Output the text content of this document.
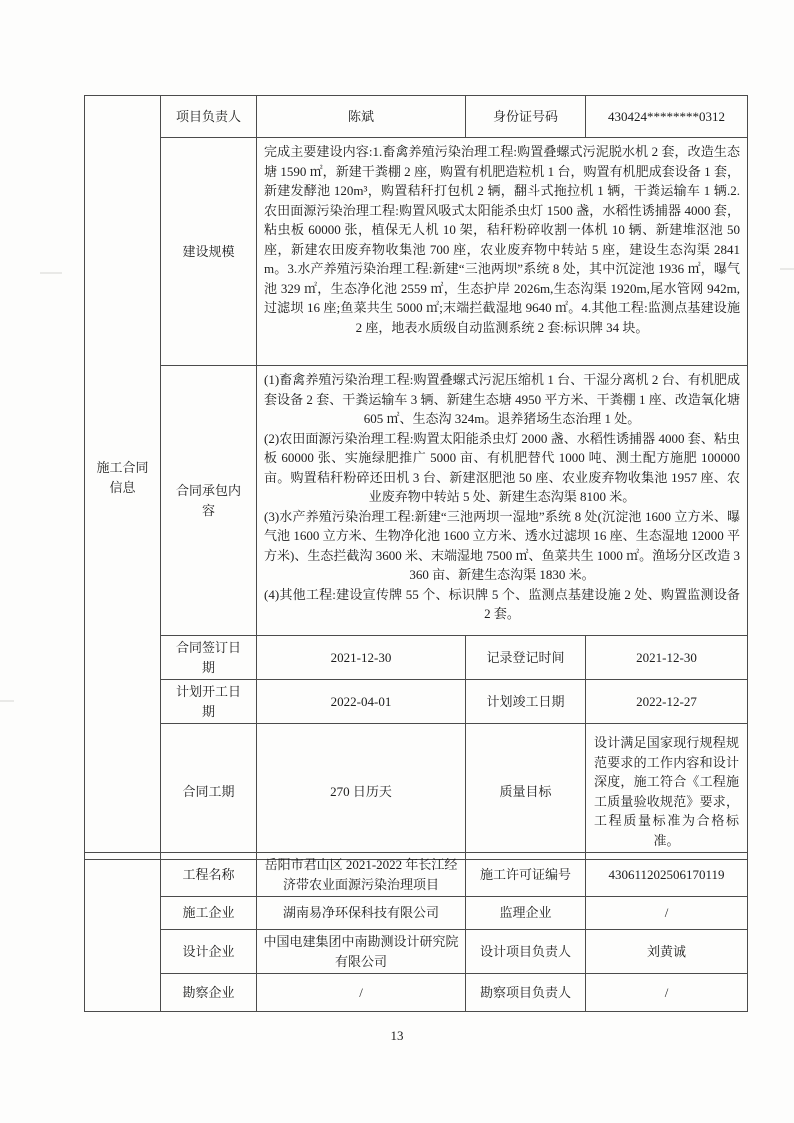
施工合同信息	项目负责人	陈斌	身份证号码	430424********0312
	建设规模	完成主要建设内容:1.畜禽养殖污染治理工程:购置叠螺式污泥脱水机 2 套，改造生态塘 1590 ㎡，新建干粪棚 2 座，购置有机肥造粒机 1 台，购置有机肥成套设备 1 套，新建发酵池 120m³，购置秸秆打包机 2 辆，翻斗式拖拉机 1 辆，干粪运输车 1 辆.2.农田面源污染治理工程:购置风吸式太阳能杀虫灯 1500 盏，水稻性诱捕器 4000 套，粘虫板 60000 张，植保无人机 10 架，秸秆粉碎收割一体机 10 辆、新建堆沤池 50 座，新建农田废弃物收集池 700 座，农业废弃物中转站 5 座，建设生态沟渠 2841m。3.水产养殖污染治理工程:新建“三池两坝”系统 8 处，其中沉淀池 1936 ㎡，曝气池 329 ㎡，生态净化池 2559 ㎡，生态护岸 2026m,生态沟渠 1920m,尾水管网 942m,过滤坝 16 座;鱼菜共生 5000 ㎡;末端拦截湿地 9640 ㎡。4.其他工程:监测点基建设施 2 座，地表水质级自动监测系统 2 套:标识牌 34 块。		
	合同承包内容	(1)畜禽养殖污染治理工程:购置叠螺式污泥压缩机 1 台、干湿分离机 2 台、有机肥成套设备 2 套、干粪运输车 3 辆、新建生态塘 4950 平方米、干粪棚 1 座、改造氧化塘 605 ㎡、生态沟 324m。退养猪场生态治理 1 处。

(2)农田面源污染治理工程:购置太阳能杀虫灯 2000 盏、水稻性诱捕器 4000 套、粘虫板 60000 张、实施绿肥推广 5000 亩、有机肥替代 1000 吨、测土配方施肥 100000 亩。购置秸秆粉碎还田机 3 台、新建沤肥池 50 座、农业废弃物收集池 1957 座、农业废弃物中转站 5 处、新建生态沟渠 8100 米。

(3)水产养殖污染治理工程:新建“三池两坝一湿地”系统 8 处(沉淀池 1600 立方米、曝气池 1600 立方米、生物净化池 1600 立方米、透水过滤坝 16 座、生态湿地 12000 平方米)、生态拦截沟 3600 米、末端湿地 7500 ㎡、鱼菜共生 1000 ㎡。渔场分区改造 3360 亩、新建生态沟渠 1830 米。

(4)其他工程:建设宣传牌 55 个、标识牌 5 个、监测点基建设施 2 处、购置监测设备 2 套。		

	合同签订日期	2021-12-30	记录登记时间	2021-12-30
	计划开工日期	2022-04-01	计划竣工日期	2022-12-27
	合同工期	270 日历天	质量目标	设计满足国家现行规程规范要求的工作内容和设计深度，施工符合《工程施工质量验收规范》要求，工程质量标准为合格标准。
	工程名称	岳阳市君山区 2021-2022 年长江经济带农业面源污染治理项目	施工许可证编号	430611202506170119
	施工企业	湖南易净环保科技有限公司	监理企业	/
	设计企业	中国电建集团中南勘测设计研究院有限公司	设计项目负责人	刘黄诚
	勘察企业	/	勘察项目负责人	/
13
